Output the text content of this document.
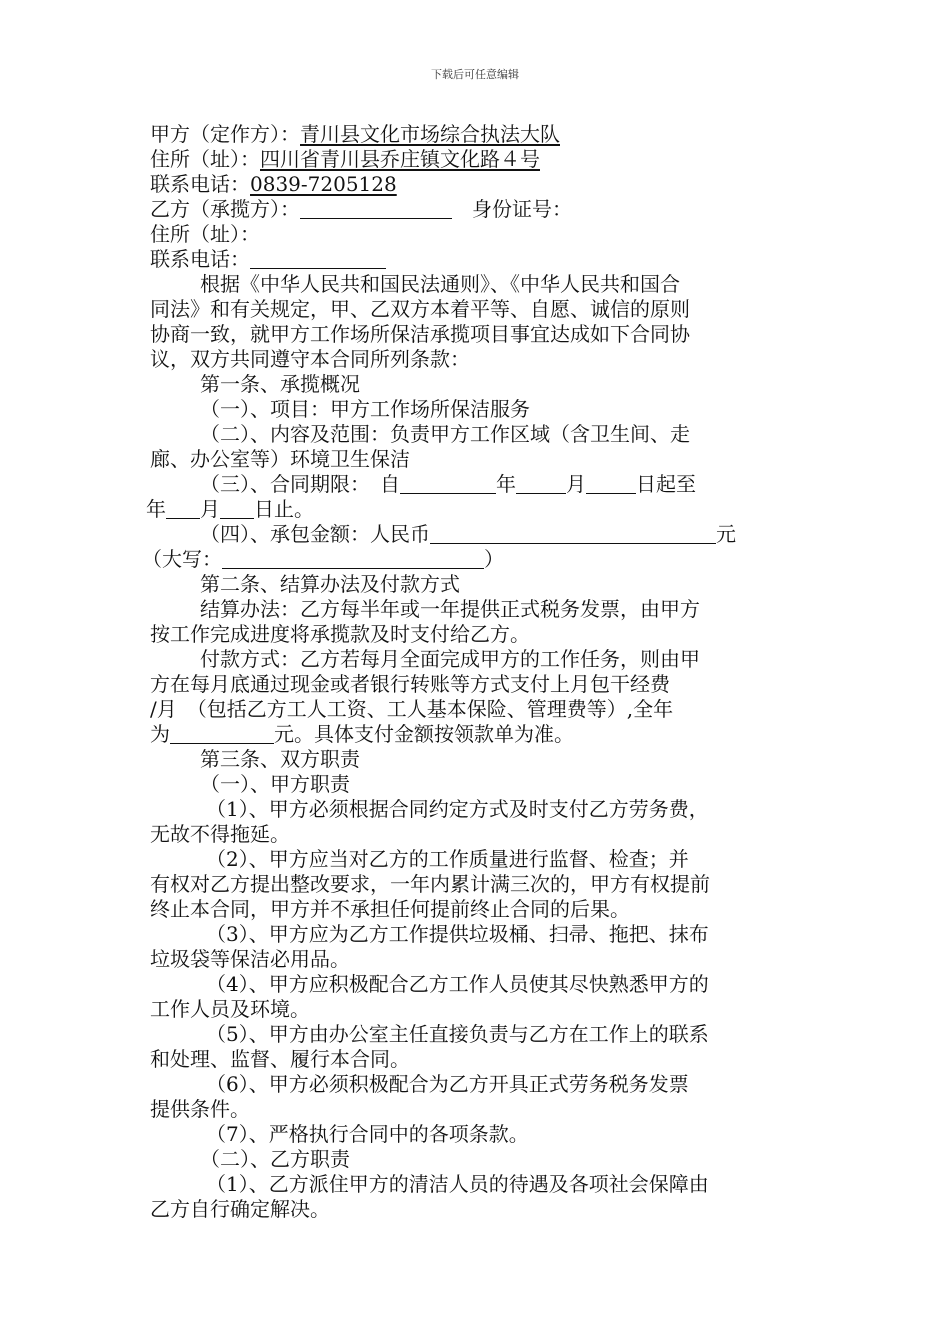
下载后可任意编辑
甲方（定作方）：青川县文化市场综合执法大队
住所（址）：四川省青川县乔庄镇文化路４号
联系电话：0839-7205128
乙方（承揽方）：　	身份证号：
住所（址）：
联系电话：
根据《中华人民共和国民法通则》、《中华人民共和国合
同法》和有关规定，甲、乙双方本着平等、自愿、诚信的原则
协商一致，就甲方工作场所保洁承揽项目事宜达成如下合同协
议，双方共同遵守本合同所列条款：
第一条、承揽概况
（一）、项目：甲方工作场所保洁服务
（二）、内容及范围：负责甲方工作区域（含卫生间、走
廊、办公室等）环境卫生保洁
（三）、合同期限：　自	年	月	日起至
年 月 日止。
（四）、承包金额：人民币	元
（大写：	）
第二条、结算办法及付款方式
结算办法：乙方每半年或一年提供正式税务发票，由甲方
按工作完成进度将承揽款及时支付给乙方。
付款方式：乙方若每月全面完成甲方的工作任务，则由甲
方在每月底通过现金或者银行转账等方式支付上月包干经费
/月　（包括乙方工人工资、工人基本保险、管理费等）,全年
为	元。具体支付金额按领款单为准。
第三条、双方职责
（一）、甲方职责
（1）、甲方必须根据合同约定方式及时支付乙方劳务费，
无故不得拖延。
（2）、甲方应当对乙方的工作质量进行监督、检查；并
有权对乙方提出整改要求，一年内累计满三次的，甲方有权提前
终止本合同，甲方并不承担任何提前终止合同的后果。
（3）、甲方应为乙方工作提供垃圾桶、扫帚、拖把、抹布
垃圾袋等保洁必用品。
（4）、甲方应积极配合乙方工作人员使其尽快熟悉甲方的
工作人员及环境。
（5）、甲方由办公室主任直接负责与乙方在工作上的联系
和处理、监督、履行本合同。
（6）、甲方必须积极配合为乙方开具正式劳务税务发票
提供条件。
（7）、严格执行合同中的各项条款。
（二）、乙方职责
（1）、乙方派住甲方的清洁人员的待遇及各项社会保障由
乙方自行确定解决。
